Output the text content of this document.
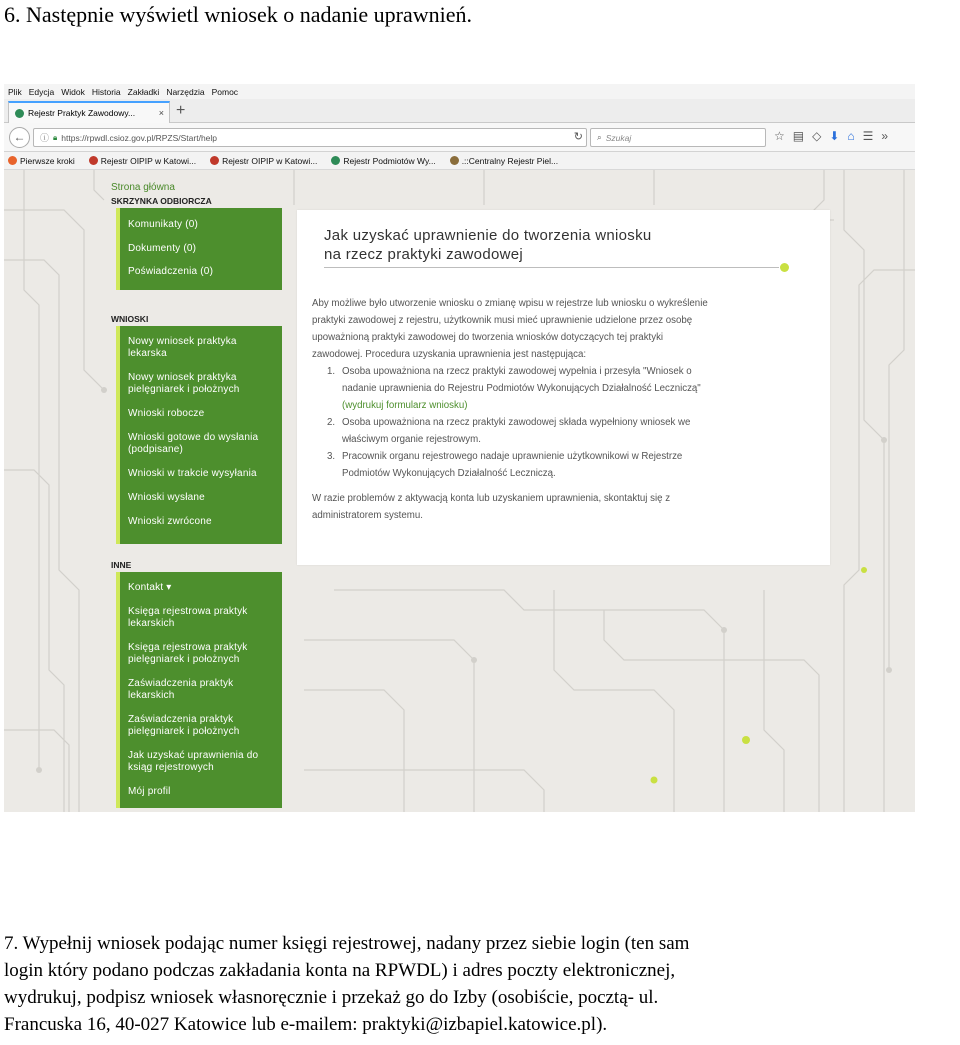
6. Następnie wyświetl wniosek o nadanie uprawnień.
Plik Edycja Widok Historia Zakładki Narzędzia Pomoc
Rejestr Praktyk Zawodowy...	× +
←	ⓘ 🔒︎ https://rpwdl.csioz.gov.pl/RPZS/Start/help	↻ ⌕ Szukaj	☆ ▤ ◇ ⬇ ⌂ ☰ »
Pierwsze kroki	Rejestr OIPIP w Katowi...	Rejestr OIPIP w Katowi...	Rejestr Podmiotów Wy...	.::Centralny Rejestr Piel...
Strona główna
SKRZYNKA ODBIORCZA
Komunikaty (0)
Dokumenty (0)
Poświadczenia (0)
WNIOSKI
Nowy wniosek praktyka
lekarska
Nowy wniosek praktyka
pielęgniarek i położnych
Wnioski robocze
Wnioski gotowe do wysłania
(podpisane)
Wnioski w trakcie wysyłania
Wnioski wysłane
Wnioski zwrócone
INNE
Kontakt ▾
Księga rejestrowa praktyk
lekarskich
Księga rejestrowa praktyk
pielęgniarek i położnych
Zaświadczenia praktyk
lekarskich
Zaświadczenia praktyk
pielęgniarek i położnych
Jak uzyskać uprawnienia do
ksiąg rejestrowych
Mój profil
Jak uzyskać uprawnienie do tworzenia wniosku
na rzecz praktyki zawodowej
Aby możliwe było utworzenie wniosku o zmianę wpisu w rejestrze lub wniosku o wykreślenie
praktyki zawodowej z rejestru, użytkownik musi mieć uprawnienie udzielone przez osobę
upoważnioną praktyki zawodowej do tworzenia wniosków dotyczących tej praktyki
zawodowej. Procedura uzyskania uprawnienia jest następująca:
1. Osoba upoważniona na rzecz praktyki zawodowej wypełnia i przesyła "Wniosek o
nadanie uprawnienia do Rejestru Podmiotów Wykonujących Działalność Leczniczą"
(wydrukuj formularz wniosku)
2. Osoba upoważniona na rzecz praktyki zawodowej składa wypełniony wniosek we
właściwym organie rejestrowym.
3. Pracownik organu rejestrowego nadaje uprawnienie użytkownikowi w Rejestrze
Podmiotów Wykonujących Działalność Leczniczą.
W razie problemów z aktywacją konta lub uzyskaniem uprawnienia, skontaktuj się z
administratorem systemu.
7. Wypełnij wniosek podając numer księgi rejestrowej, nadany przez siebie login (ten sam
login który podano podczas zakładania konta na RPWDL) i adres poczty elektronicznej,
wydrukuj, podpisz wniosek własnoręcznie i przekaż go do Izby (osobiście, pocztą- ul.
Francuska 16, 40-027 Katowice lub e-mailem: praktyki@izbapiel.katowice.pl).
